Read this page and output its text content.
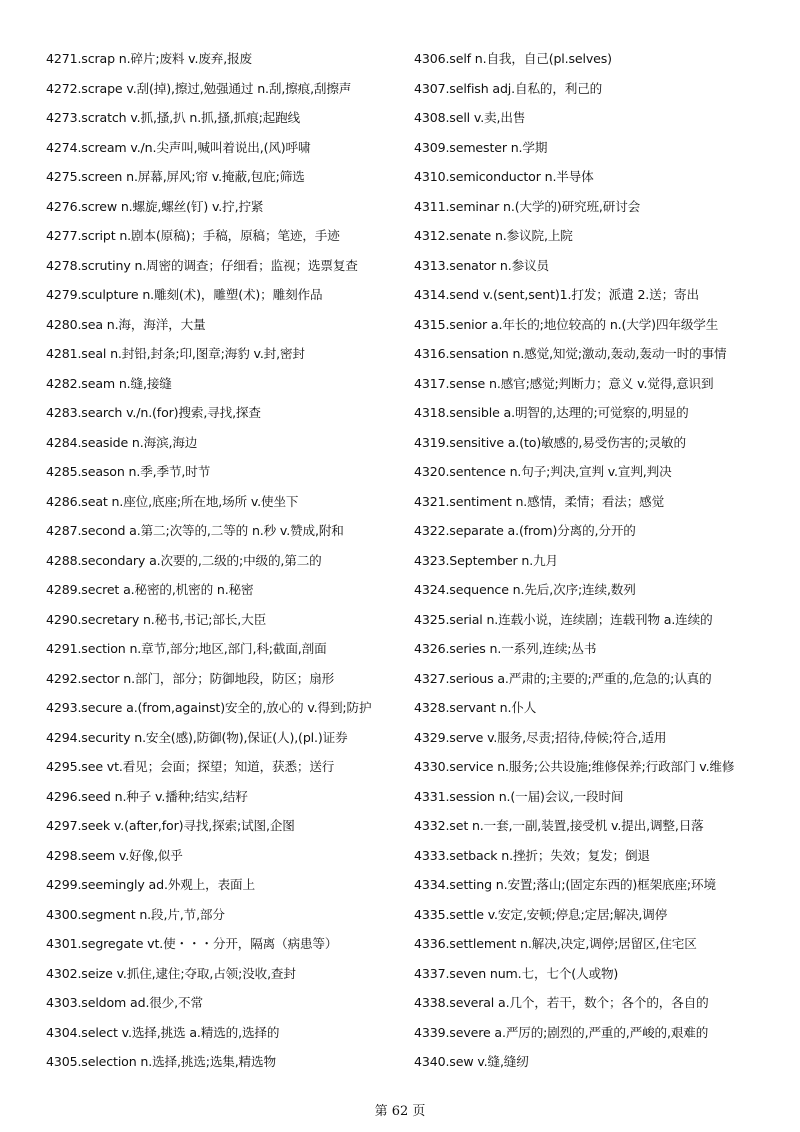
4271.scrap n.碎片;废料 v.废弃,报废
4272.scrape v.刮(掉),擦过,勉强通过 n.刮,擦痕,刮擦声
4273.scratch v.抓,搔,扒 n.抓,搔,抓痕;起跑线
4274.scream v./n.尖声叫,喊叫着说出,(风)呼啸
4275.screen n.屏幕,屏风;帘 v.掩蔽,包庇;筛选
4276.screw n.螺旋,螺丝(钉) v.拧,拧紧
4277.script n.剧本(原稿)；手稿，原稿；笔迹，手迹
4278.scrutiny n.周密的调查；仔细看；监视；选票复查
4279.sculpture n.雕刻(术)，雕塑(术)；雕刻作品
4280.sea n.海，海洋，大量
4281.seal n.封铅,封条;印,图章;海豹 v.封,密封
4282.seam n.缝,接缝
4283.search v./n.(for)搜索,寻找,探查
4284.seaside n.海滨,海边
4285.season n.季,季节,时节
4286.seat n.座位,底座;所在地,场所 v.使坐下
4287.second a.第二;次等的,二等的 n.秒 v.赞成,附和
4288.secondary a.次要的,二级的;中级的,第二的
4289.secret a.秘密的,机密的 n.秘密
4290.secretary n.秘书,书记;部长,大臣
4291.section n.章节,部分;地区,部门,科;截面,剖面
4292.sector n.部门，部分；防御地段，防区；扇形
4293.secure a.(from,against)安全的,放心的 v.得到;防护
4294.security n.安全(感),防御(物),保证(人),(pl.)证券
4295.see vt.看见；会面；探望；知道，获悉；送行
4296.seed n.种子 v.播种;结实,结籽
4297.seek v.(after,for)寻找,探索;试图,企图
4298.seem v.好像,似乎
4299.seemingly ad.外观上，表面上
4300.segment n.段,片,节,部分
4301.segregate vt.使・・・分开，隔离（病患等）
4302.seize v.抓住,逮住;夺取,占领;没收,查封
4303.seldom ad.很少,不常
4304.select v.选择,挑选 a.精选的,选择的
4305.selection n.选择,挑选;选集,精选物
4306.self n.自我，自己(pl.selves)
4307.selfish adj.自私的，利己的
4308.sell v.卖,出售
4309.semester n.学期
4310.semiconductor n.半导体
4311.seminar n.(大学的)研究班,研讨会
4312.senate n.参议院,上院
4313.senator n.参议员
4314.send v.(sent,sent)1.打发；派遣 2.送；寄出
4315.senior a.年长的;地位较高的 n.(大学)四年级学生
4316.sensation n.感觉,知觉;激动,轰动,轰动一时的事情
4317.sense n.感官;感觉;判断力；意义 v.觉得,意识到
4318.sensible a.明智的,达理的;可觉察的,明显的
4319.sensitive a.(to)敏感的,易受伤害的;灵敏的
4320.sentence n.句子;判决,宣判 v.宣判,判决
4321.sentiment n.感情，柔情；看法；感觉
4322.separate a.(from)分离的,分开的
4323.September n.九月
4324.sequence n.先后,次序;连续,数列
4325.serial n.连载小说，连续剧；连载刊物 a.连续的
4326.series n.一系列,连续;丛书
4327.serious a.严肃的;主要的;严重的,危急的;认真的
4328.servant n.仆人
4329.serve v.服务,尽责;招待,侍候;符合,适用
4330.service n.服务;公共设施;维修保养;行政部门 v.维修
4331.session n.(一届)会议,一段时间
4332.set n.一套,一副,装置,接受机 v.提出,调整,日落
4333.setback n.挫折；失效；复发；倒退
4334.setting n.安置;落山;(固定东西的)框架底座;环境
4335.settle v.安定,安顿;停息;定居;解决,调停
4336.settlement n.解决,决定,调停;居留区,住宅区
4337.seven num.七，七个(人或物)
4338.several a.几个，若干，数个；各个的，各自的
4339.severe a.严厉的;剧烈的,严重的,严峻的,艰难的
4340.sew v.缝,缝纫
第 62 页
